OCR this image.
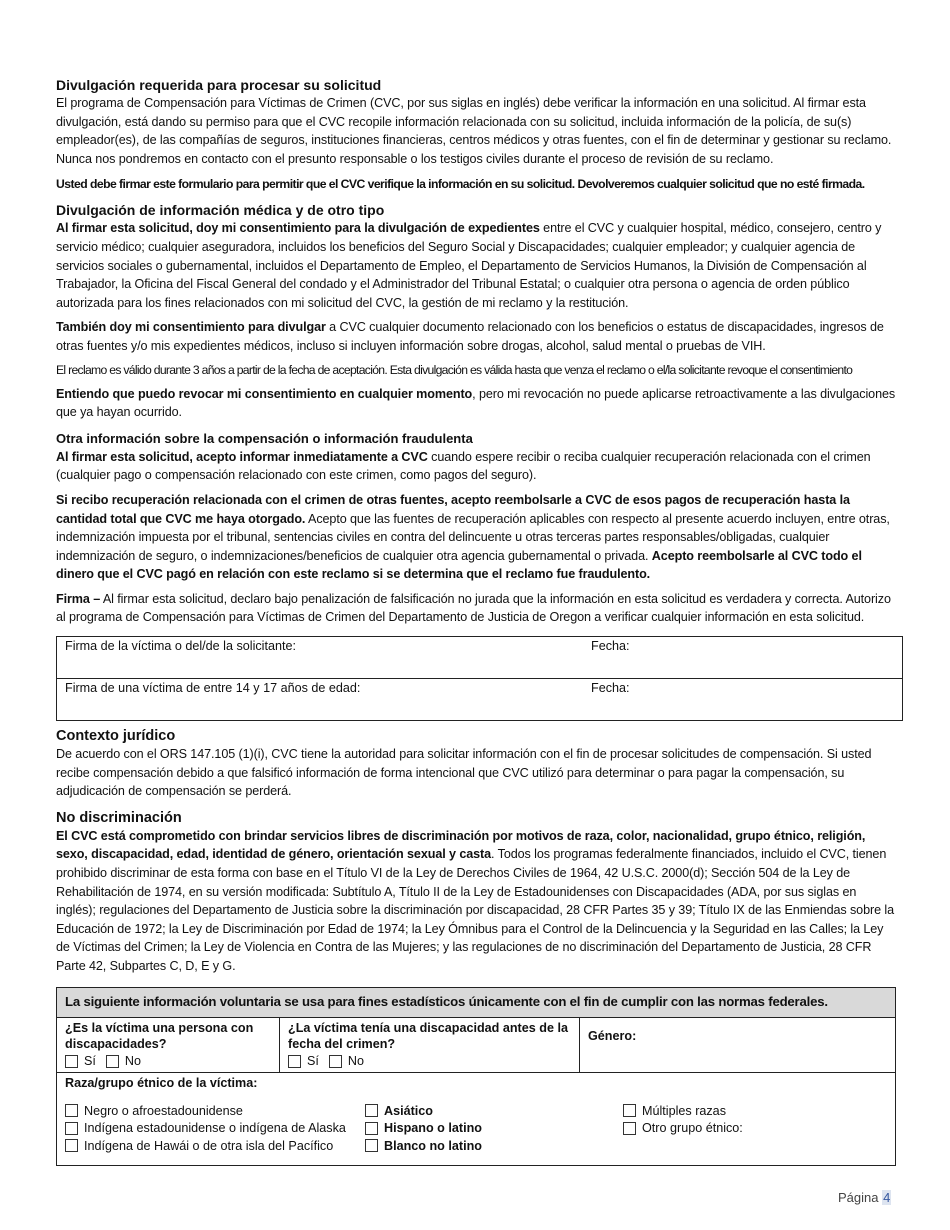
Divulgación requerida para procesar su solicitud

El programa de Compensación para Víctimas de Crimen (CVC, por sus siglas en inglés) debe verificar la información en una solicitud. Al firmar esta divulgación, está dando su permiso para que el CVC recopile información relacionada con su solicitud, incluida información de la policía, de su(s) empleador(es), de las compañías de seguros, instituciones financieras, centros médicos y otras fuentes, con el fin de determinar y gestionar su reclamo. Nunca nos pondremos en contacto con el presunto responsable o los testigos civiles durante el proceso de revisión de su reclamo.

Usted debe firmar este formulario para permitir que el CVC verifique la información en su solicitud. Devolveremos cualquier solicitud que no esté firmada.

Divulgación de información médica y de otro tipo

Al firmar esta solicitud, doy mi consentimiento para la divulgación de expedientes entre el CVC y cualquier hospital, médico, consejero, centro y servicio médico; cualquier aseguradora, incluidos los beneficios del Seguro Social y Discapacidades; cualquier empleador; y cualquier agencia de servicios sociales o gubernamental, incluidos el Departamento de Empleo, el Departamento de Servicios Humanos, la División de Compensación al Trabajador, la Oficina del Fiscal General del condado y el Administrador del Tribunal Estatal; o cualquier otra persona o agencia de orden público autorizada para los fines relacionados con mi solicitud del CVC, la gestión de mi reclamo y la restitución.

También doy mi consentimiento para divulgar a CVC cualquier documento relacionado con los beneficios o estatus de discapacidades, ingresos de otras fuentes y/o mis expedientes médicos, incluso si incluyen información sobre drogas, alcohol, salud mental o pruebas de VIH.

El reclamo es válido durante 3 años a partir de la fecha de aceptación. Esta divulgación es válida hasta que venza el reclamo o el/la solicitante revoque el consentimiento

Entiendo que puedo revocar mi consentimiento en cualquier momento, pero mi revocación no puede aplicarse retroactivamente a las divulgaciones que ya hayan ocurrido.

Otra información sobre la compensación o información fraudulenta

Al firmar esta solicitud, acepto informar inmediatamente a CVC cuando espere recibir o reciba cualquier recuperación relacionada con el crimen (cualquier pago o compensación relacionado con este crimen, como pagos del seguro).

Si recibo recuperación relacionada con el crimen de otras fuentes, acepto reembolsarle a CVC de esos pagos de recuperación hasta la cantidad total que CVC me haya otorgado. Acepto que las fuentes de recuperación aplicables con respecto al presente acuerdo incluyen, entre otras, indemnización impuesta por el tribunal, sentencias civiles en contra del delincuente u otras terceras partes responsables/obligadas, cualquier indemnización de seguro, o indemnizaciones/beneficios de cualquier otra agencia gubernamental o privada. Acepto reembolsarle al CVC todo el dinero que el CVC pagó en relación con este reclamo si se determina que el reclamo fue fraudulento.

Firma – Al firmar esta solicitud, declaro bajo penalización de falsificación no jurada que la información en esta solicitud es verdadera y correcta. Autorizo al programa de Compensación para Víctimas de Crimen del Departamento de Justicia de Oregon a verificar cualquier información en esta solicitud.

Firma de la víctima o del/de la solicitante:	Fecha:
Firma de una víctima de entre 14 y 17 años de edad:	Fecha:
Contexto jurídico

De acuerdo con el ORS 147.105 (1)(i), CVC tiene la autoridad para solicitar información con el fin de procesar solicitudes de compensación. Si usted recibe compensación debido a que falsificó información de forma intencional que CVC utilizó para determinar o para pagar la compensación, su adjudicación de compensación se perderá.

No discriminación

El CVC está comprometido con brindar servicios libres de discriminación por motivos de raza, color, nacionalidad, grupo étnico, religión, sexo, discapacidad, edad, identidad de género, orientación sexual y casta. Todos los programas federalmente financiados, incluido el CVC, tienen prohibido discriminar de esta forma con base en el Título VI de la Ley de Derechos Civiles de 1964, 42 U.S.C. 2000(d); Sección 504 de la Ley de Rehabilitación de 1974, en su versión modificada: Subtítulo A, Título II de la Ley de Estadounidenses con Discapacidades (ADA, por sus siglas en inglés); regulaciones del Departamento de Justicia sobre la discriminación por discapacidad, 28 CFR Partes 35 y 39; Título IX de las Enmiendas sobre la Educación de 1972; la Ley de Discriminación por Edad de 1974; la Ley Ómnibus para el Control de la Delincuencia y la Seguridad en las Calles; la Ley de Víctimas del Crimen; la Ley de Violencia en Contra de las Mujeres; y las regulaciones de no discriminación del Departamento de Justicia, 28 CFR Parte 42, Subpartes C, D, E y G.

La siguiente información voluntaria se usa para fines estadísticos únicamente con el fin de cumplir con las normas federales.
¿Es la víctima una persona con discapacidades?
Sí No
¿La víctima tenía una discapacidad antes de la fecha del crimen?
Sí No
Género:
Raza/grupo étnico de la víctima:
Negro o afroestadounidense
Indígena estadounidense o indígena de Alaska
Indígena de Hawái o de otra isla del Pacífico
Asiático
Hispano o latino
Blanco no latino
Múltiples razas
Otro grupo étnico:
Página 4
